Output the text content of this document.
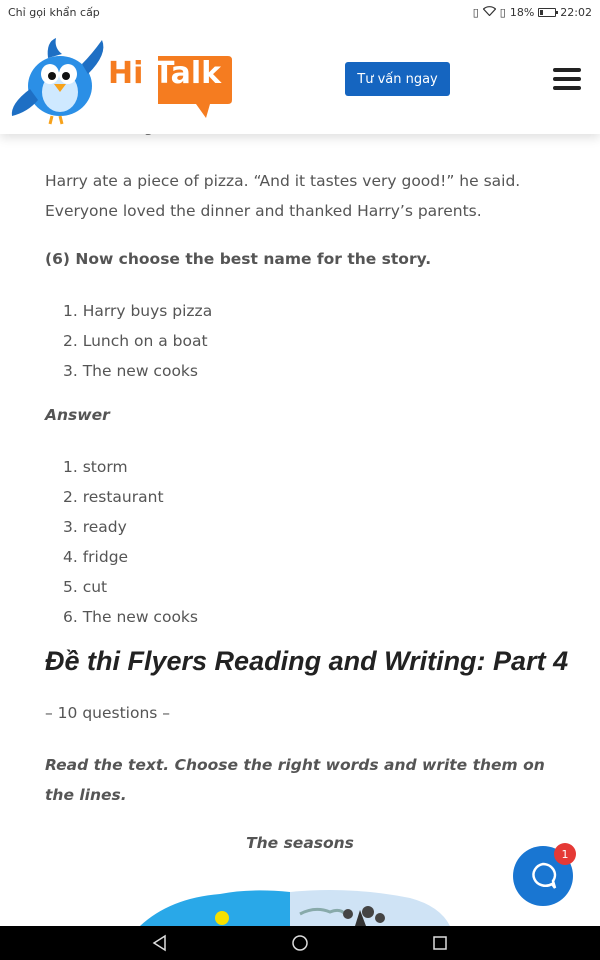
Chỉ gọi khẩn cấp	▯ ▯ 18% 22:02
Hi Talk	Tư vấn ngay

Harry ate a piece of pizza. “And it tastes very good!” he said. Everyone loved the dinner and thanked Harry’s parents.

(6) Now choose the best name for the story.
1. Harry buys pizza
2. Lunch on a boat
3. The new cooks
Answer
1. storm
2. restaurant
3. ready
4. fridge
5. cut
6. The new cooks
Đề thi Flyers Reading and Writing: Part 4
– 10 questions –

Read the text. Choose the right words and write them on the lines.

The seasons
1
